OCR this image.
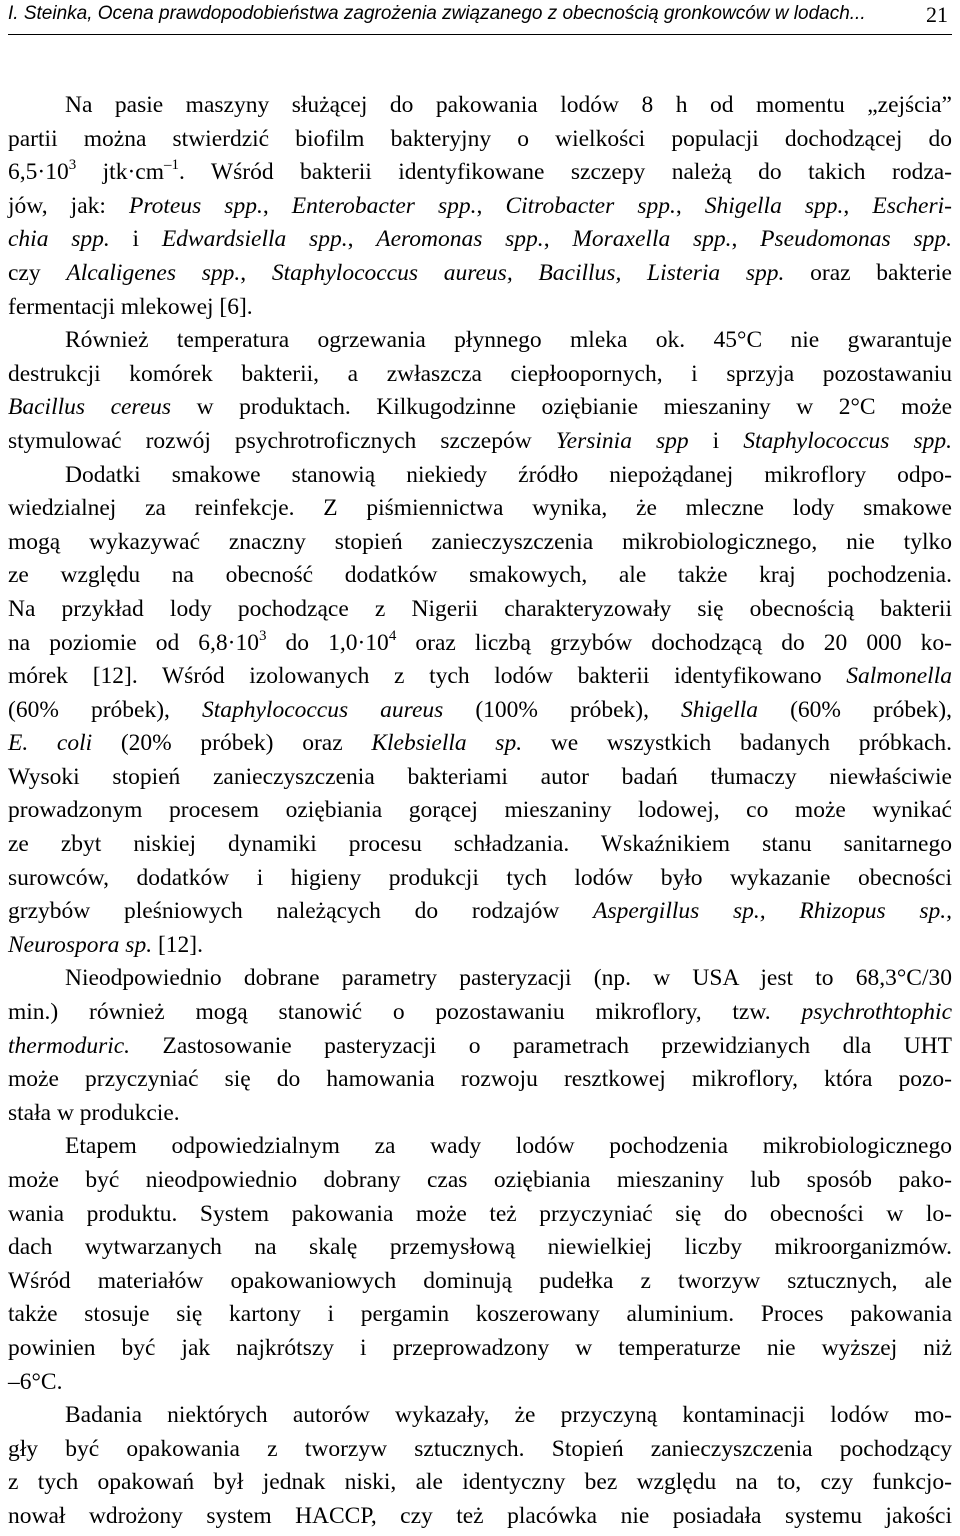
I. Steinka, Ocena prawdopodobieństwa zagrożenia związanego z obecnością gronkowców w lodach...	21
Na pasie maszyny służącej do pakowania lodów 8 h od momentu „zejścia”
partii można stwierdzić biofilm bakteryjny o wielkości populacji dochodzącej do
$6,5\cdot 10^3$ $jtk\cdot cm^{-1}$. Wśród bakterii identyfikowane szczepy należą do takich rodza-
jów, jak: Proteus spp., Enterobacter spp., Citrobacter spp., Shigella spp., Escheri-
chia spp. i Edwardsiella spp., Aeromonas spp., Moraxella spp., Pseudomonas spp.
czy Alcaligenes spp., Staphylococcus aureus, Bacillus, Listeria spp. oraz bakterie
fermentacji mlekowej [6].
Również temperatura ogrzewania płynnego mleka ok. 45°C nie gwarantuje
destrukcji komórek bakterii, a zwłaszcza ciepłoopornych, i sprzyja pozostawaniu
Bacillus cereus w produktach. Kilkugodzinne oziębianie mieszaniny w 2°C może
stymulować rozwój psychrotroficznych szczepów Yersinia spp i Staphylococcus spp.
Dodatki smakowe stanowią niekiedy źródło niepożądanej mikroflory odpo-
wiedzialnej za reinfekcje. Z piśmiennictwa wynika, że mleczne lody smakowe
mogą wykazywać znaczny stopień zanieczyszczenia mikrobiologicznego, nie tylko
ze względu na obecność dodatków smakowych, ale także kraj pochodzenia.
Na przykład lody pochodzące z Nigerii charakteryzowały się obecnością bakterii
na poziomie od $6,8\cdot 10^3$ do $1,0\cdot 10^4$ oraz liczbą grzybów dochodzącą do 20 000 ko-
mórek [12]. Wśród izolowanych z tych lodów bakterii identyfikowano Salmonella
(60% próbek), Staphylococcus aureus (100% próbek), Shigella (60% próbek),
E. coli (20% próbek) oraz Klebsiella sp. we wszystkich badanych próbkach.
Wysoki stopień zanieczyszczenia bakteriami autor badań tłumaczy niewłaściwie
prowadzonym procesem oziębiania gorącej mieszaniny lodowej, co może wynikać
ze zbyt niskiej dynamiki procesu schładzania. Wskaźnikiem stanu sanitarnego
surowców, dodatków i higieny produkcji tych lodów było wykazanie obecności
grzybów pleśniowych należących do rodzajów Aspergillus sp., Rhizopus sp.,
Neurospora sp. [12].
Nieodpowiednio dobrane parametry pasteryzacji (np. w USA jest to 68,3°C/30
min.) również mogą stanowić o pozostawaniu mikroflory, tzw. psychrothtophic
thermoduric. Zastosowanie pasteryzacji o parametrach przewidzianych dla UHT
może przyczyniać się do hamowania rozwoju resztkowej mikroflory, która pozo-
stała w produkcie.
Etapem odpowiedzialnym za wady lodów pochodzenia mikrobiologicznego
może być nieodpowiednio dobrany czas oziębiania mieszaniny lub sposób pako-
wania produktu. System pakowania może też przyczyniać się do obecności w lo-
dach wytwarzanych na skalę przemysłową niewielkiej liczby mikroorganizmów.
Wśród materiałów opakowaniowych dominują pudełka z tworzyw sztucznych, ale
także stosuje się kartony i pergamin koszerowany aluminium. Proces pakowania
powinien być jak najkrótszy i przeprowadzony w temperaturze nie wyższej niż
–6°C.
Badania niektórych autorów wykazały, że przyczyną kontaminacji lodów mo-
gły być opakowania z tworzyw sztucznych. Stopień zanieczyszczenia pochodzący
z tych opakowań był jednak niski, ale identyczny bez względu na to, czy funkcjo-
nował wdrożony system HACCP, czy też placówka nie posiadała systemu jakości
